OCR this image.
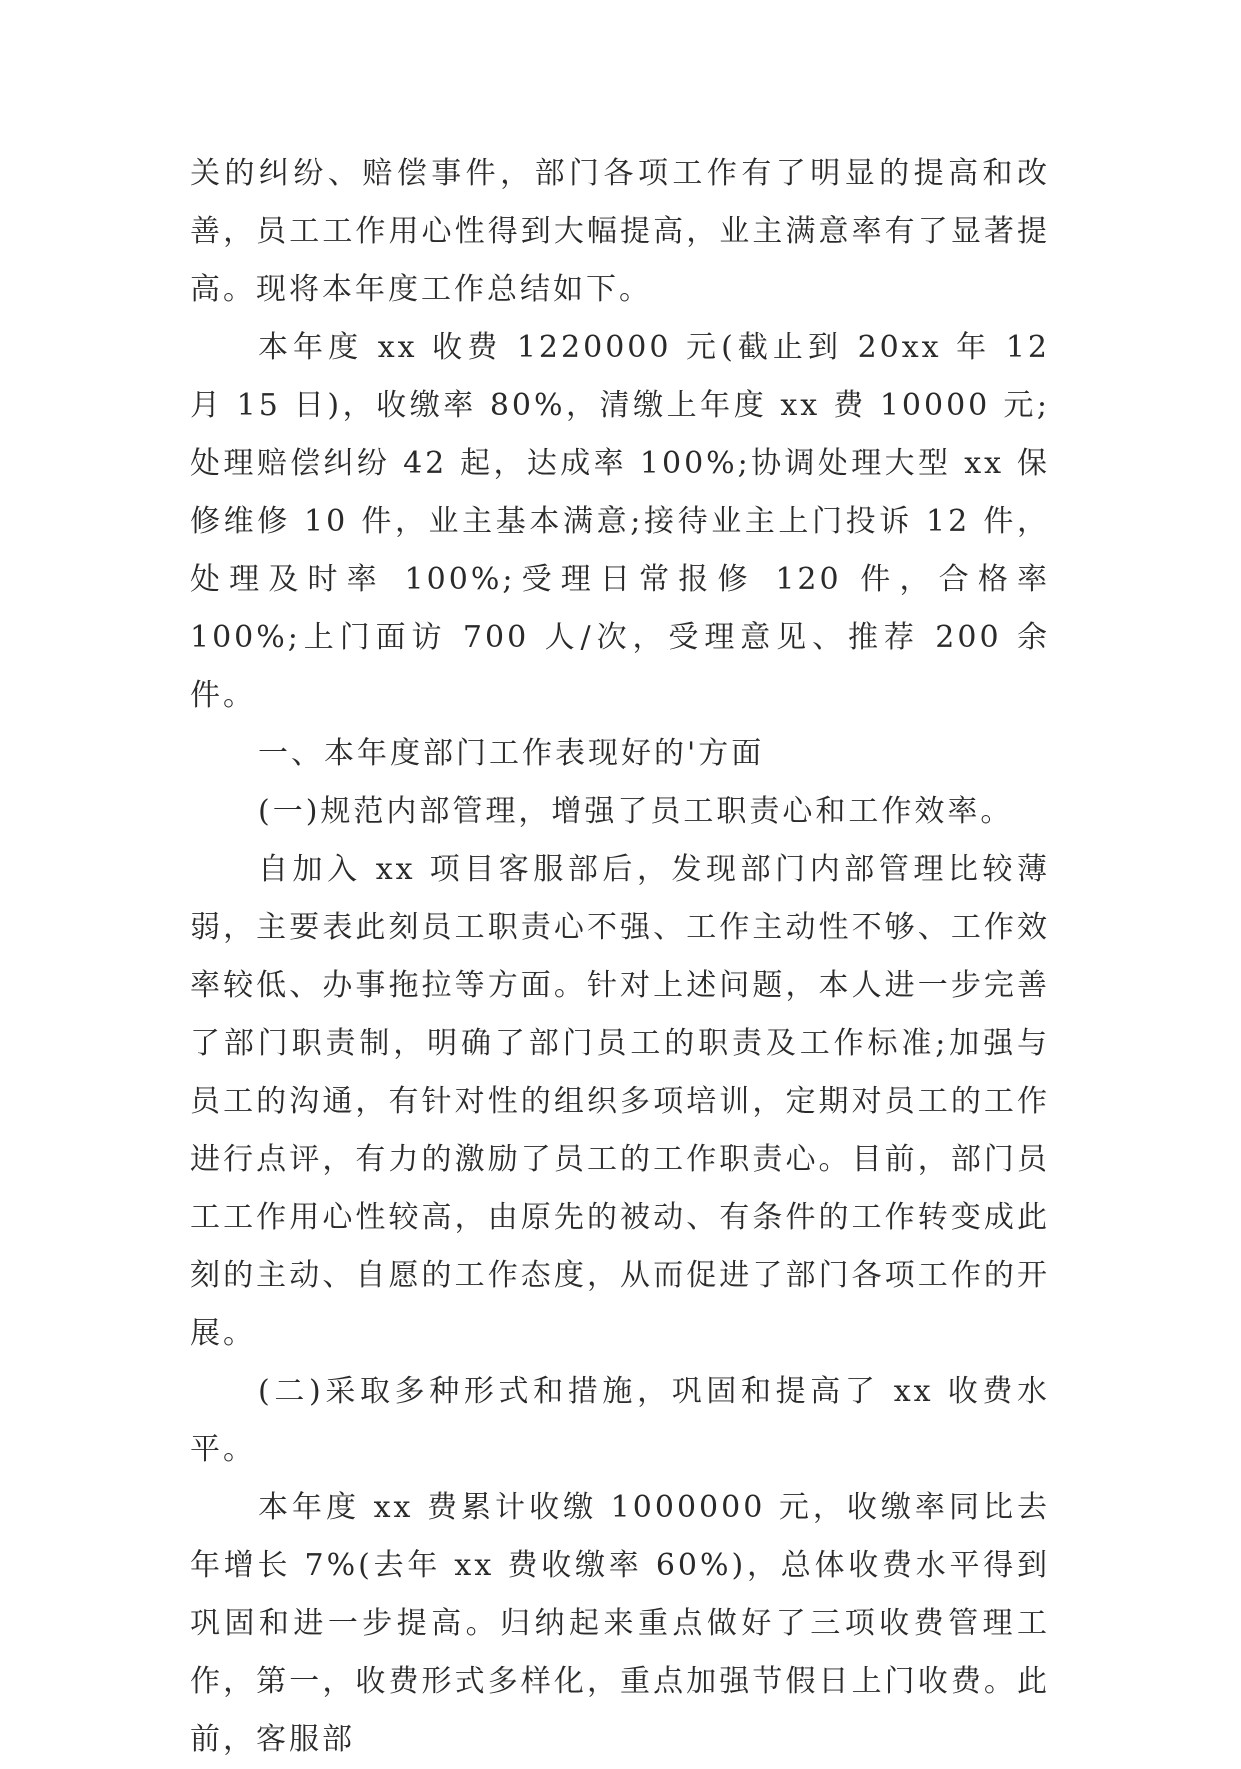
关的纠纷、赔偿事件，部门各项工作有了明显的提高和改善，员工工作用心性得到大幅提高，业主满意率有了显著提高。现将本年度工作总结如下。

本年度 xx 收费 1220000 元(截止到 20xx 年 12 月 15 日)，收缴率 80%，清缴上年度 xx 费 10000 元;处理赔偿纠纷 42 起，达成率 100%;协调处理大型 xx 保修维修 10 件，业主基本满意;接待业主上门投诉 12 件，处理及时率 100%;受理日常报修 120 件，合格率 100%;上门面访 700 人/次，受理意见、推荐 200 余件。

一、本年度部门工作表现好的'方面

(一)规范内部管理，增强了员工职责心和工作效率。

自加入 xx 项目客服部后，发现部门内部管理比较薄弱，主要表此刻员工职责心不强、工作主动性不够、工作效率较低、办事拖拉等方面。针对上述问题，本人进一步完善了部门职责制，明确了部门员工的职责及工作标准;加强与员工的沟通，有针对性的组织多项培训，定期对员工的工作进行点评，有力的激励了员工的工作职责心。目前，部门员工工作用心性较高，由原先的被动、有条件的工作转变成此刻的主动、自愿的工作态度，从而促进了部门各项工作的开展。

(二)采取多种形式和措施，巩固和提高了 xx 收费水平。

本年度 xx 费累计收缴 1000000 元，收缴率同比去年增长 7%(去年 xx 费收缴率 60%)，总体收费水平得到巩固和进一步提高。归纳起来重点做好了三项收费管理工作，第一，收费形式多样化，重点加强节假日上门收费。此前，客服部
